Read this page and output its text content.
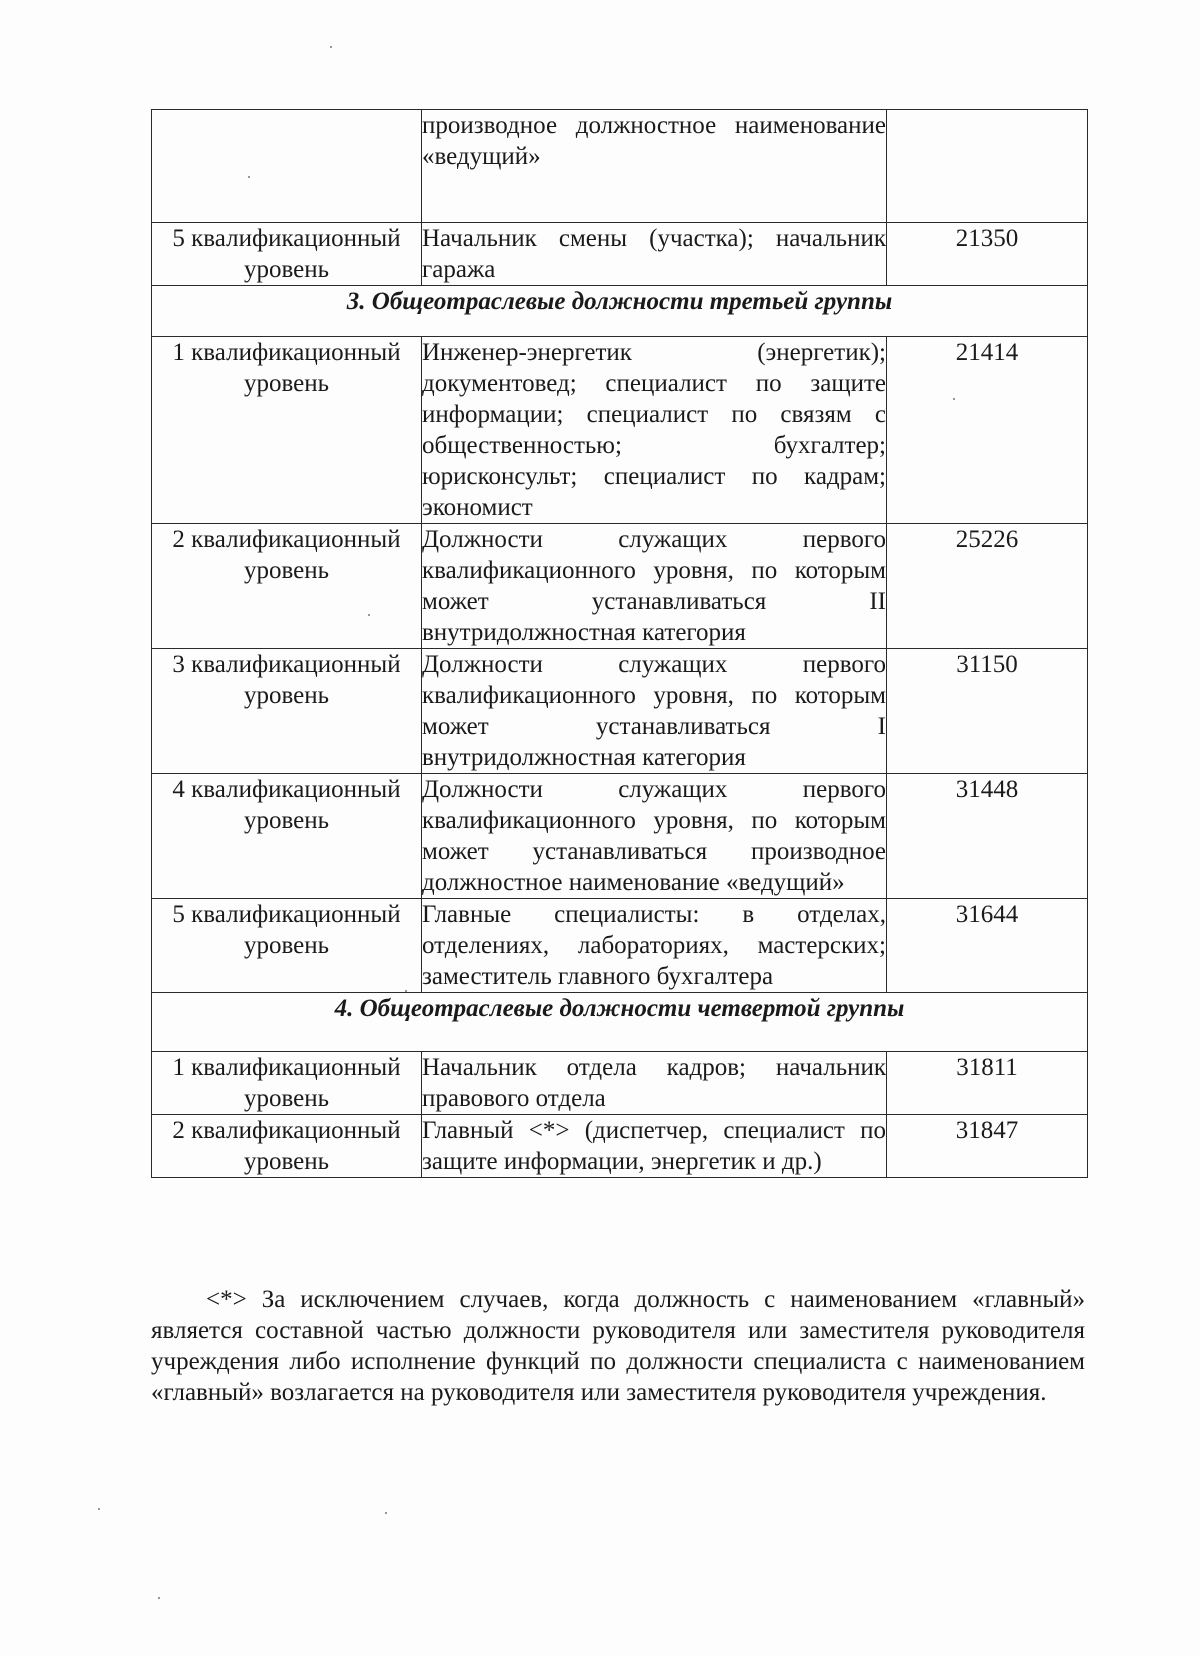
	производное должностное наименование «ведущий»	
5 квалификационный уровень	Начальник смены (участка); начальник гаража	21350
3. Общеотраслевые должности третьей группы		
1 квалификационный уровень	Инженер-энергетик (энергетик); документовед; специалист по защите информации; специалист по связям с общественностью; бухгалтер; юрисконсульт; специалист по кадрам; экономист	21414
2 квалификационный уровень	Должности служащих первого квалификационного уровня, по которым может устанавливаться II внутридолжностная категория	25226
3 квалификационный уровень	Должности служащих первого квалификационного уровня, по которым может устанавливаться I внутридолжностная категория	31150
4 квалификационный уровень	Должности служащих первого квалификационного уровня, по которым может устанавливаться производное должностное наименование «ведущий»	31448
5 квалификационный уровень	Главные специалисты: в отделах, отделениях, лабораториях, мастерских; заместитель главного бухгалтера	31644
4. Общеотраслевые должности четвертой группы		
1 квалификационный уровень	Начальник отдела кадров; начальник правового отдела	31811
2 квалификационный уровень	Главный <*> (диспетчер, специалист по защите информации, энергетик и др.)	31847
<*> За исключением случаев, когда должность с наименованием «главный» является составной частью должности руководителя или заместителя руководителя учреждения либо исполнение функций по должности специалиста с наименованием «главный» возлагается на руководителя или заместителя руководителя учреждения.
